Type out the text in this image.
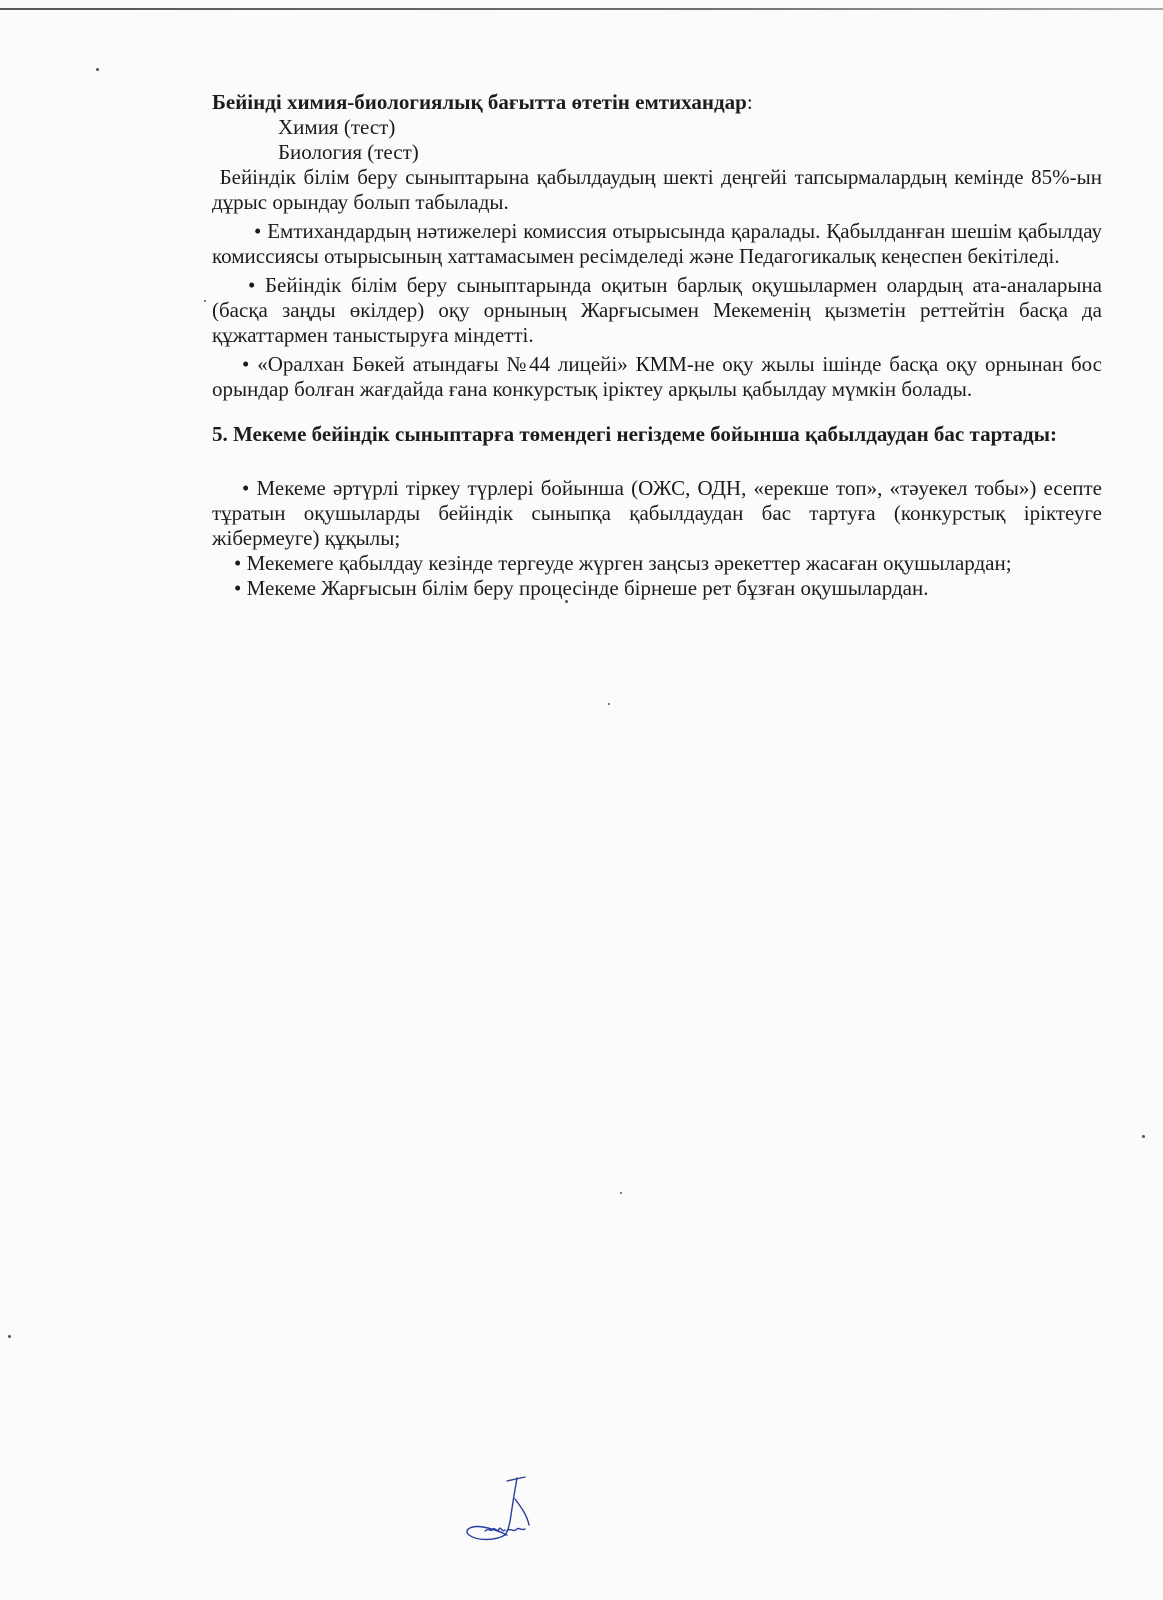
Бейінді химия-биологиялық бағытта өтетін емтихандар:
Химия (тест)
Биология (тест)

Бейіндік білім беру сыныптарына қабылдаудың шекті деңгейі тапсырмалардың кемінде 85%-ын дұрыс орындау болып табылады.

• Емтихандардың нәтижелері комиссия отырысында қаралады. Қабылданған шешім қабылдау комиссиясы отырысының хаттамасымен ресімделеді және Педагогикалық кеңеспен бекітіледі.

• Бейіндік білім беру сыныптарында оқитын барлық оқушылармен олардың ата-аналарына (басқа заңды өкілдер) оқу орнының Жарғысымен Мекеменің қызметін реттейтін басқа да құжаттармен таныстыруға міндетті.

• «Оралхан Бөкей атындағы №44 лицейі» КММ-не оқу жылы ішінде басқа оқу орнынан бос орындар болған жағдайда ғана конкурстық іріктеу арқылы қабылдау мүмкін болады.

5. Мекеме бейіндік сыныптарға төмендегі негіздеме бойынша қабылдаудан бас тартады:

• Мекеме әртүрлі тіркеу түрлері бойынша (ОЖС, ОДН, «ерекше топ», «тәуекел тобы») есепте тұратын оқушыларды бейіндік сыныпқа қабылдаудан бас тартуға (конкурстық іріктеуге жібермеуге) құқылы;

• Мекемеге қабылдау кезінде тергеуде жүрген заңсыз әрекеттер жасаған оқушылардан;

• Мекеме Жарғысын білім беру процесінде бірнеше рет бұзған оқушылардан.
